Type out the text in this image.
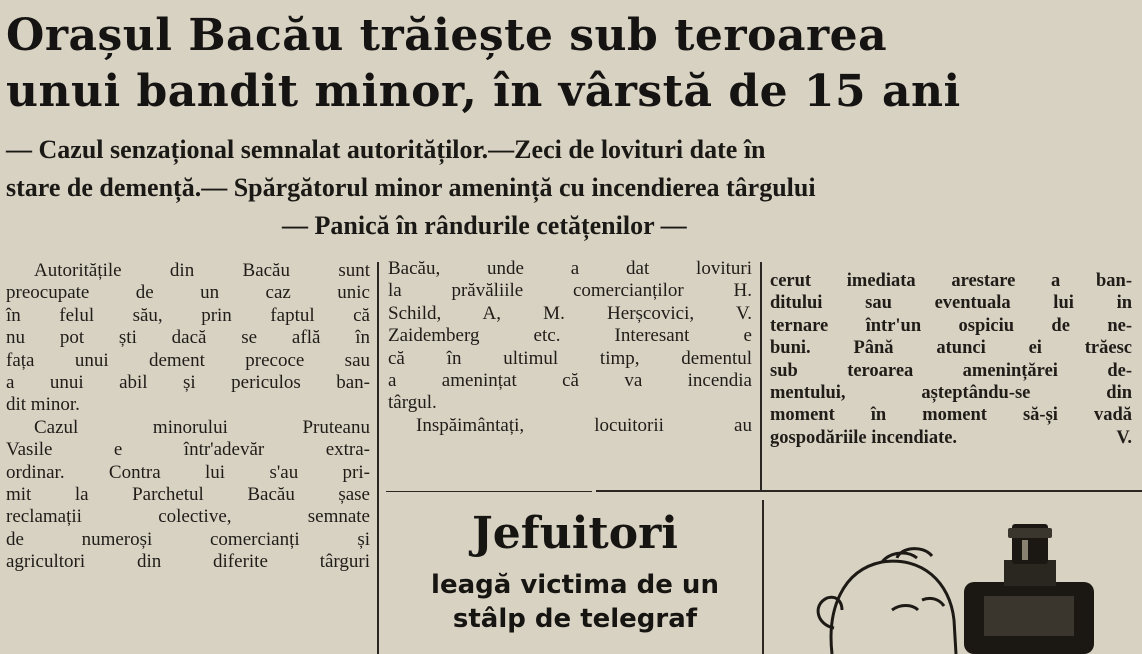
Orașul Bacău trăiește sub teroarea
unui bandit minor, în vârstă de 15 ani
— Cazul senzațional semnalat autorităților.—Zeci de lovituri date în
stare de demență.— Spărgătorul minor amenință cu incendierea târgului
— Panică în rândurile cetățenilor —
Autoritățile din Bacău sunt
preocupate de un caz unic
în felul său, prin faptul că
nu pot ști dacă se află în
fața unui dement precoce sau
a unui abil și periculos ban-
dit minor.
Cazul minorului Pruteanu
Vasile e într'adevăr extra-
ordinar. Contra lui s'au pri-
mit la Parchetul Bacău șase
reclamații colective, semnate
de numeroși comercianți și
agricultori din diferite târguri
Bacău, unde a dat lovituri
la prăvăliile comercianților H.
Schild, A, M. Herșcovici, V.
Zaidemberg etc. Interesant e
că în ultimul timp, dementul
a amenințat că va incendia
târgul.
Inspăimântați, locuitorii au
cerut imediata arestare a ban-
ditului sau eventuala lui in
ternare într'un ospiciu de ne-
buni. Până atunci ei trăesc
sub teroarea amenințărei de-
mentului, așteptându-se din
moment în moment să-și vadă
gospodăriile incendiate.	V.
Jefuitori
leagă victima de un
stâlp de telegraf
